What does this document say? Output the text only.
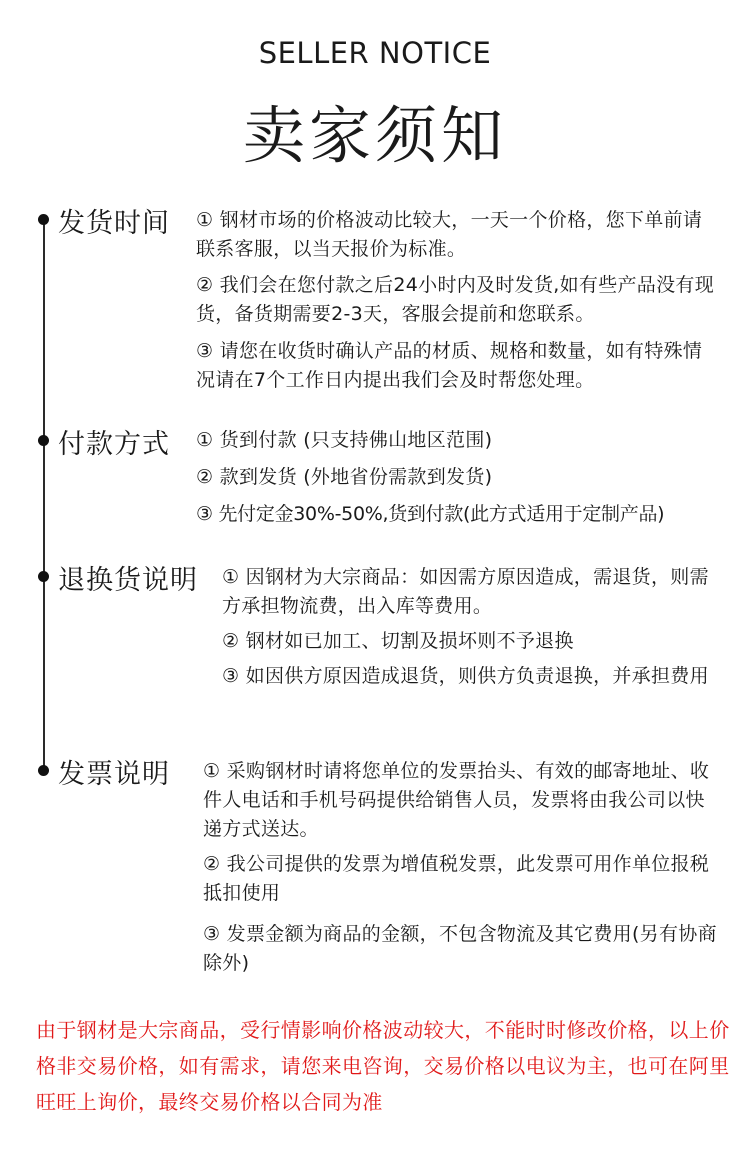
SELLER NOTICE
卖家须知
发货时间 ① 钢材市场的价格波动比较大，一天一个价格，您下单前请联系客服，以当天报价为标准。
② 我们会在您付款之后24小时内及时发货,如有些产品没有现货，备货期需要2-3天，客服会提前和您联系。
③ 请您在收货时确认产品的材质、规格和数量，如有特殊情况请在7个工作日内提出我们会及时帮您处理。
付款方式 ① 货到付款 (只支持佛山地区范围)
② 款到发货 (外地省份需款到发货)
③ 先付定金30%-50%,货到付款(此方式适用于定制产品)
退换货说明 ① 因钢材为大宗商品：如因需方原因造成，需退货，则需方承担物流费，出入库等费用。
② 钢材如已加工、切割及损坏则不予退换
③ 如因供方原因造成退货，则供方负责退换，并承担费用
发票说明 ① 采购钢材时请将您单位的发票抬头、有效的邮寄地址、收件人电话和手机号码提供给销售人员，发票将由我公司以快递方式送达。
② 我公司提供的发票为增值税发票，此发票可用作单位报税抵扣使用
③ 发票金额为商品的金额，不包含物流及其它费用(另有协商除外)
由于钢材是大宗商品，受行情影响价格波动较大，不能时时修改价格，以上价格非交易价格，如有需求，请您来电咨询，交易价格以电议为主，也可在阿里旺旺上询价，最终交易价格以合同为准
